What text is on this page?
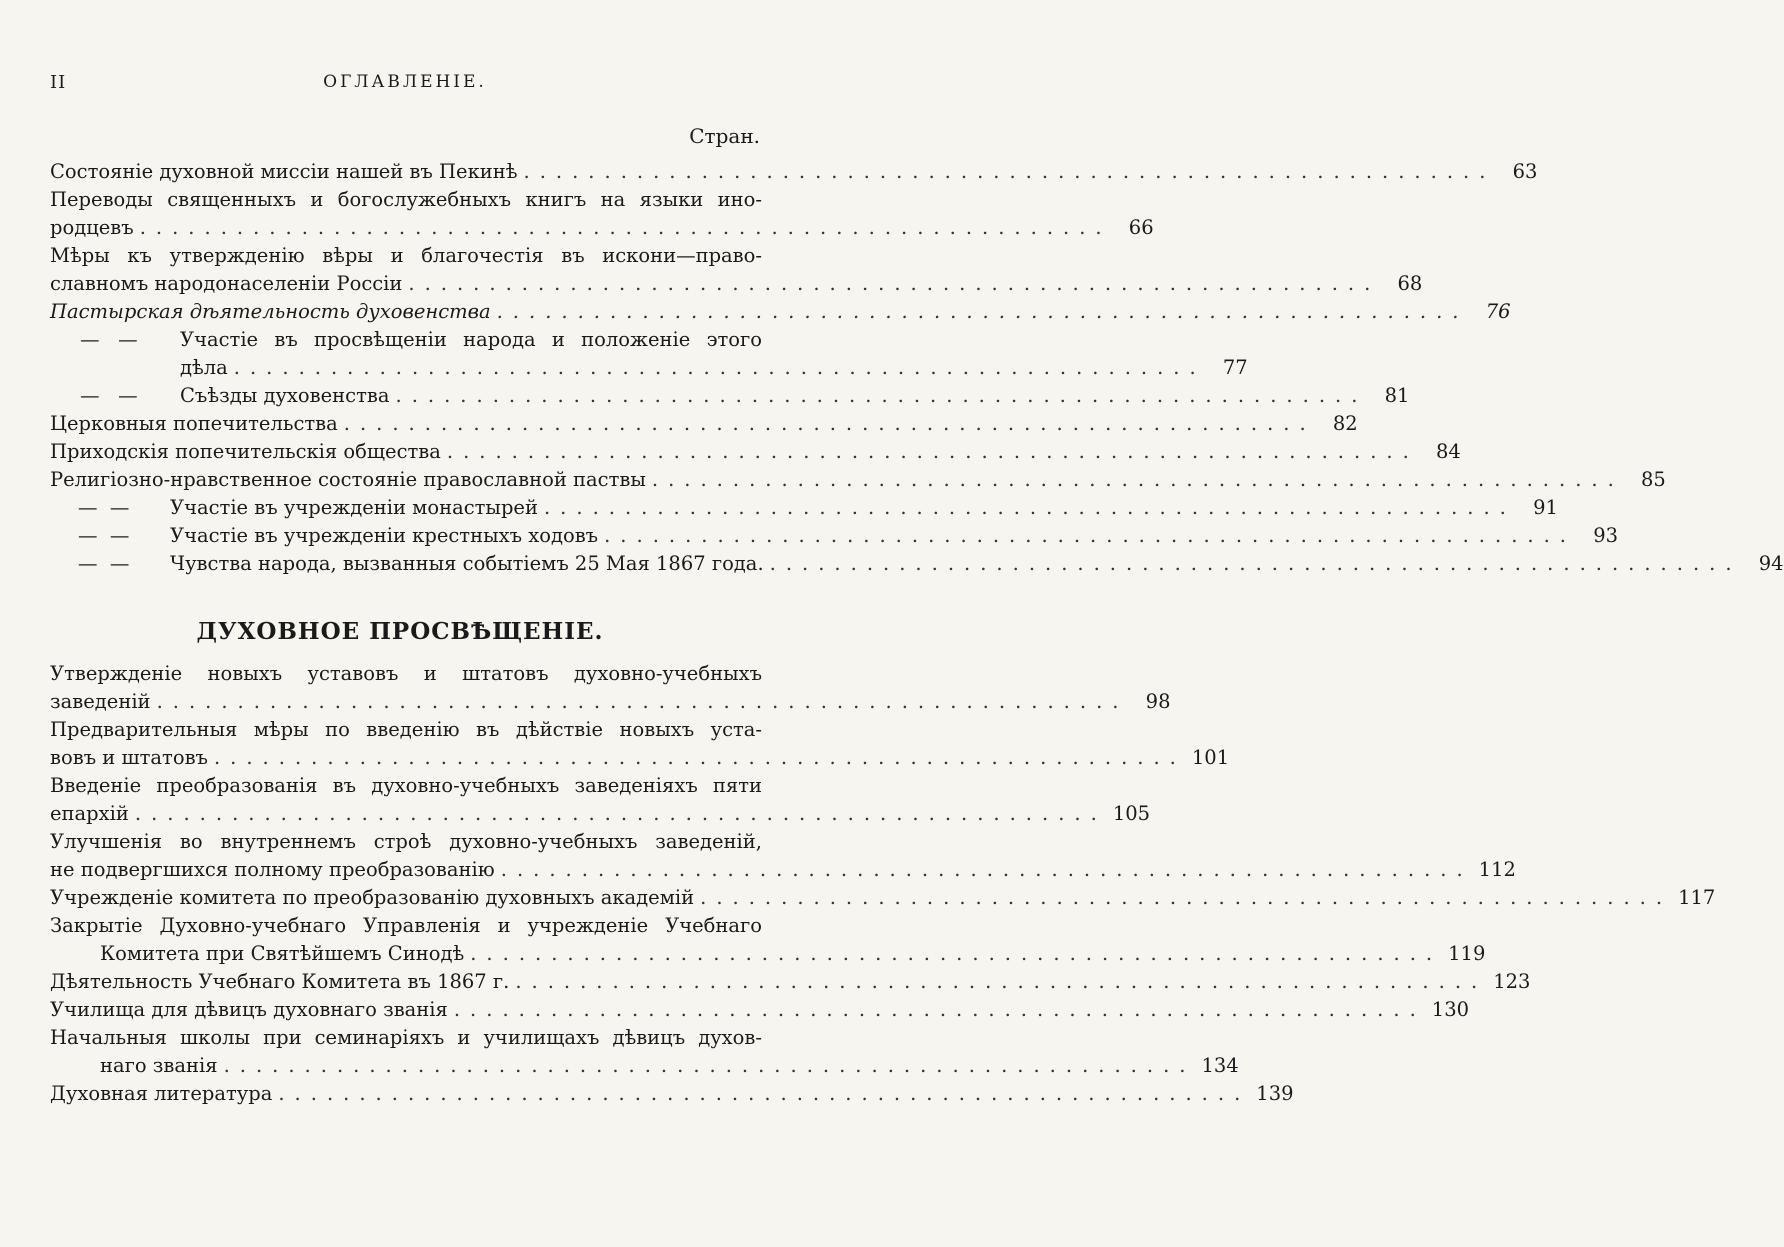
II	ОГЛАВЛЕНІЕ.
Стран.
Состояніе духовной миссіи нашей въ Пекинѣ ............................................................ 63
Переводы священныхъ и богослужебныхъ книгъ на языки ино-
родцевъ ............................................................ 66
Мѣры къ утвержденію вѣры и благочестія въ искони—право-
славномъ народонаселеніи Россіи ............................................................ 68
Пастырская дѣятельность духовенства ............................................................ 76
—   — Участіе въ просвѣщеніи народа и положеніе этого
дѣла ............................................................ 77
—   — Съѣзды духовенства ............................................................ 81
Церковныя попечительства ............................................................ 82
Приходскія попечительскія общества ............................................................ 84
Религіозно-нравственное состояніе православной паствы ............................................................ 85
—  — Участіе въ учрежденіи монастырей ............................................................ 91
—  — Участіе въ учрежденіи крестныхъ ходовъ ............................................................ 93
—  — Чувства народа, вызванныя событіемъ 25 Мая 1867 года. ............................................................ 94
ДУХОВНОЕ ПРОСВѢЩЕНІЕ.
Утвержденіе новыхъ уставовъ и штатовъ духовно-учебныхъ
заведеній ............................................................ 98
Предварительныя мѣры по введенію въ дѣйствіе новыхъ уста-
вовъ и штатовъ ............................................................ 101
Введеніе преобразованія въ духовно-учебныхъ заведеніяхъ пяти
епархій ............................................................ 105
Улучшенія во внутреннемъ строѣ духовно-учебныхъ заведеній,
не подвергшихся полному преобразованію ............................................................ 112
Учрежденіе комитета по преобразованію духовныхъ академій ............................................................ 117
Закрытіе Духовно-учебнаго Управленія и учрежденіе Учебнаго
Комитета при Святѣйшемъ Синодѣ ............................................................ 119
Дѣятельность Учебнаго Комитета въ 1867 г. ............................................................ 123
Училища для дѣвицъ духовнаго званія ............................................................ 130
Начальныя школы при семинаріяхъ и училищахъ дѣвицъ духов-
наго званія ............................................................ 134
Духовная литература ............................................................ 139
